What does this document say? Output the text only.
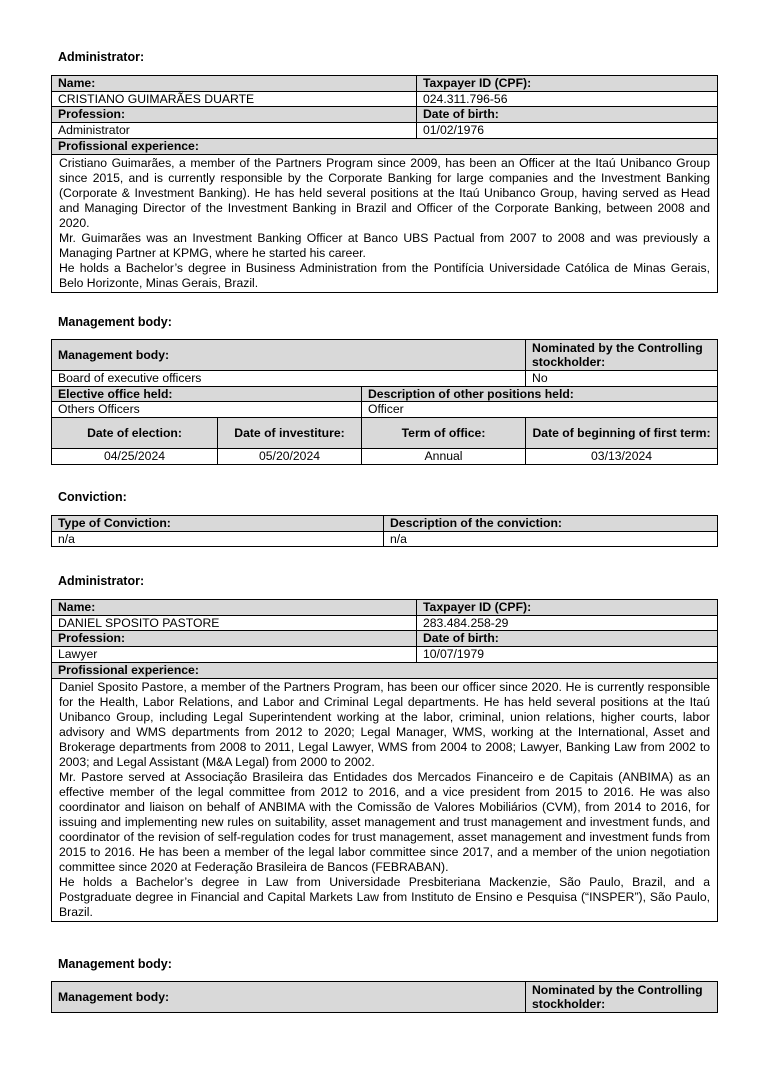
Administrator:
Name:	Taxpayer ID (CPF):
CRISTIANO GUIMARÃES DUARTE	024.311.796-56
Profession:	Date of birth:
Administrator	01/02/1976
Profissional experience:	

Cristiano Guimarães, a member of the Partners Program since 2009, has been an Officer at the Itaú Unibanco Group since 2015, and is currently responsible by the Corporate Banking for large companies and the Investment Banking (Corporate & Investment Banking). He has held several positions at the Itaú Unibanco Group, having served as Head and Managing Director of the Investment Banking in Brazil and Officer of the Corporate Banking, between 2008 and 2020.

Mr. Guimarães was an Investment Banking Officer at Banco UBS Pactual from 2007 to 2008 and was previously a Managing Partner at KPMG, where he started his career.

He holds a Bachelor’s degree in Business Administration from the Pontifícia Universidade Católica de Minas Gerais, Belo Horizonte, Minas Gerais, Brazil.	

Management body:
Management body:			Nominated by the Controlling stockholder:
Board of executive officers			No
Elective office held:		Description of other positions held:	
Others Officers		Officer	
Date of election:	Date of investiture:	Term of office:	Date of beginning of first term:
04/25/2024	05/20/2024	Annual	03/13/2024
Conviction:
Type of Conviction:	Description of the conviction:
n/a	n/a
Administrator:
Name:	Taxpayer ID (CPF):
DANIEL SPOSITO PASTORE	283.484.258-29
Profession:	Date of birth:
Lawyer	10/07/1979
Profissional experience:	

Daniel Sposito Pastore, a member of the Partners Program, has been our officer since 2020. He is currently responsible for the Health, Labor Relations, and Labor and Criminal Legal departments. He has held several positions at the Itaú Unibanco Group, including Legal Superintendent working at the labor, criminal, union relations, higher courts, labor advisory and WMS departments from 2012 to 2020; Legal Manager, WMS, working at the International, Asset and Brokerage departments from 2008 to 2011, Legal Lawyer, WMS from 2004 to 2008; Lawyer, Banking Law from 2002 to 2003; and Legal Assistant (M&A Legal) from 2000 to 2002.

Mr. Pastore served at Associação Brasileira das Entidades dos Mercados Financeiro e de Capitais (ANBIMA) as an effective member of the legal committee from 2012 to 2016, and a vice president from 2015 to 2016. He was also coordinator and liaison on behalf of ANBIMA with the Comissão de Valores Mobiliários (CVM), from 2014 to 2016, for issuing and implementing new rules on suitability, asset management and trust management and investment funds, and coordinator of the revision of self-regulation codes for trust management, asset management and investment funds from 2015 to 2016. He has been a member of the legal labor committee since 2017, and a member of the union negotiation committee since 2020 at Federação Brasileira de Bancos (FEBRABAN).

He holds a Bachelor’s degree in Law from Universidade Presbiteriana Mackenzie, São Paulo, Brazil, and a Postgraduate degree in Financial and Capital Markets Law from Instituto de Ensino e Pesquisa (“INSPER”), São Paulo, Brazil.	

Management body:
Management body:	Nominated by the Controlling stockholder:
